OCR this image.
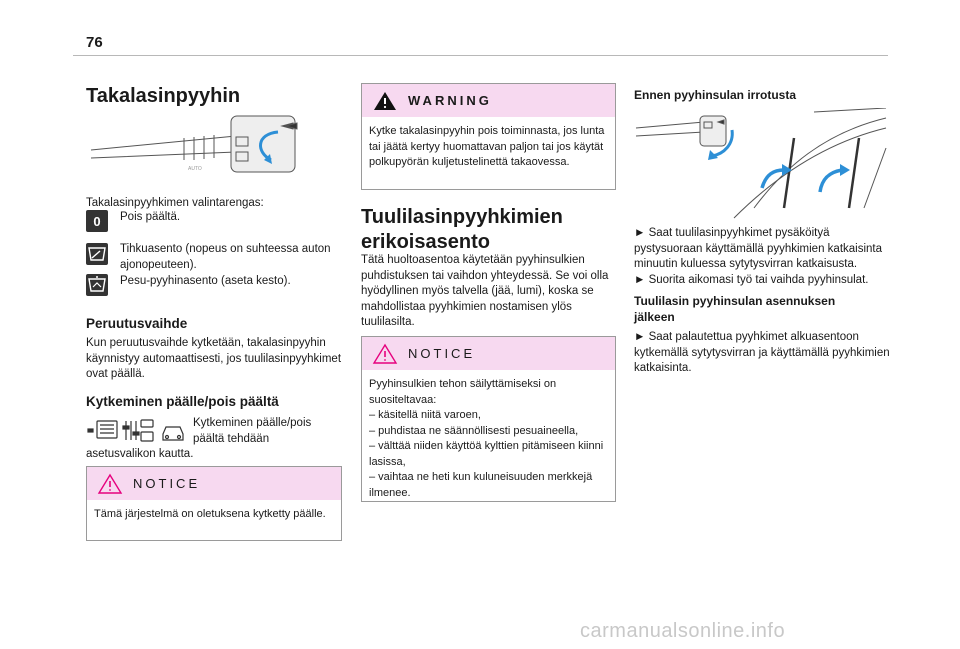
76
Takalasinpyyhin
AUTO
Takalasinpyyhkimen valintarengas:
0 Pois päältä.
Tihkuasento (nopeus on suhteessa auton ajonopeuteen).
Pesu-pyyhinasento (aseta kesto).
Peruutusvaihde
Kun peruutusvaihde kytketään, takalasinpyyhin käynnistyy automaattisesti, jos tuulilasinpyyhkimet ovat päällä.
Kytkeminen päälle/pois päältä
Kytkeminen päälle/pois päältä tehdään
asetusvalikon kautta.
NOTICE
Tämä järjestelmä on oletuksena kytketty päälle.
WARNING
Kytke takalasinpyyhin pois toiminnasta, jos lunta tai jäätä kertyy huomattavan paljon tai jos käytät polkupyörän kuljetustelinettä takaovessa.
Tuulilasinpyyhkimien
erikoisasento
Tätä huoltoasentoa käytetään pyyhinsulkien puhdistuksen tai vaihdon yhteydessä. Se voi olla hyödyllinen myös talvella (jää, lumi), koska se mahdollistaa pyyhkimien nostamisen ylös tuulilasilta.
NOTICE
Pyyhinsulkien tehon säilyttämiseksi on suositeltavaa:
– käsitellä niitä varoen,
– puhdistaa ne säännöllisesti pesuaineella,
– välttää niiden käyttöä kylttien pitämiseen kiinni lasissa,
– vaihtaa ne heti kun kuluneisuuden merkkejä ilmenee.
Ennen pyyhinsulan irrotusta
► Saat tuulilasinpyyhkimet pysäköityä pystysuoraan käyttämällä pyyhkimien katkaisinta minuutin kuluessa sytytysvirran katkaisusta.
► Suorita aikomasi työ tai vaihda pyyhinsulat.
Tuulilasin pyyhinsulan asennuksen
jälkeen
► Saat palautettua pyyhkimet alkuasentoon kytkemällä sytytysvirran ja käyttämällä pyyhkimien katkaisinta.
carmanualsonline.info
